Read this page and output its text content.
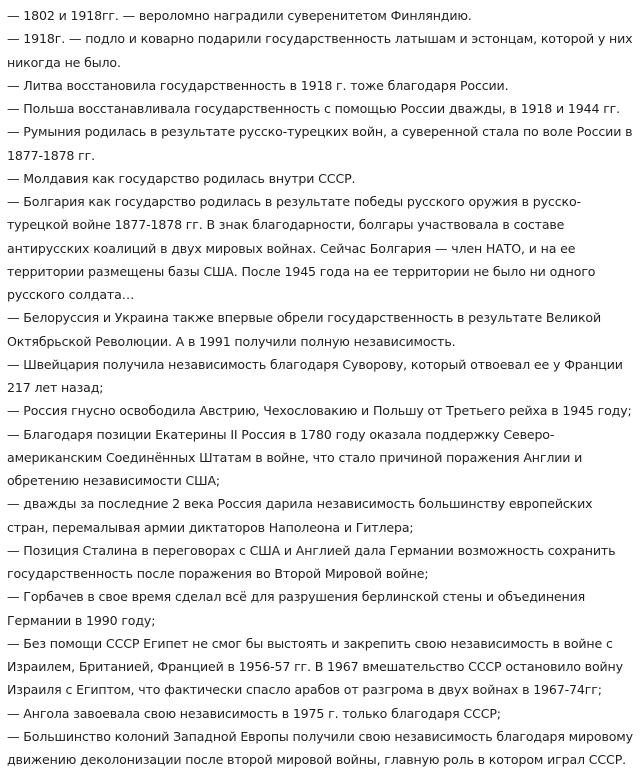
— 1802 и 1918гг. — вероломно наградили суверенитетом Финляндию.

— 1918г. — подло и коварно подарили государственность латышам и эстонцам, которой у них никогда не было.

— Литва восстановила государственность в 1918 г. тоже благодаря России.

— Польша восстанавливала государственность с помощью России дважды, в 1918 и 1944 гг.

— Румыния родилась в результате русско-турецких войн, а суверенной стала по воле России в 1877-1878 гг.

— Молдавия как государство родилась внутри СССР.

— Болгария как государство родилась в результате победы русского оружия в русско-турецкой войне 1877-1878 гг. В знак благодарности, болгары участвовала в составе антирусских коалиций в двух мировых войнах. Сейчас Болгария — член НАТО, и на ее территории размещены базы США. После 1945 года на ее территории не было ни одного русского солдата…

— Белоруссия и Украина также впервые обрели государственность в результате Великой Октябрьской Революции. А в 1991 получили полную независимость.

— Швейцария получила независимость благодаря Суворову, который отвоевал ее у Франции 217 лет назад;

— Россия гнусно освободила Австрию, Чехословакию и Польшу от Третьего рейха в 1945 году;

— Благодаря позиции Екатерины II Россия в 1780 году оказала поддержку Северо-американским Соединённых Штатам в войне, что стало причиной поражения Англии и обретению независимости США;

— дважды за последние 2 века Россия дарила независимость большинству европейских стран, перемалывая армии диктаторов Наполеона и Гитлера;

— Позиция Сталина в переговорах с США и Англией дала Германии возможность сохранить государственность после поражения во Второй Мировой войне;

— Горбачев в свое время сделал всё для разрушения берлинской стены и объединения Германии в 1990 году;

— Без помощи СССР Египет не смог бы выстоять и закрепить свою независимость в войне с Израилем, Британией, Францией в 1956-57 гг. В 1967 вмешательство СССР остановило войну Израиля с Египтом, что фактически спасло арабов от разгрома в двух войнах в 1967-74гг;

— Ангола завоевала свою независимость в 1975 г. только благодаря СССР;

— Большинство колоний Западной Европы получили свою независимость благодаря мировому движению деколонизации после второй мировой войны, главную роль в котором играл СССР.
